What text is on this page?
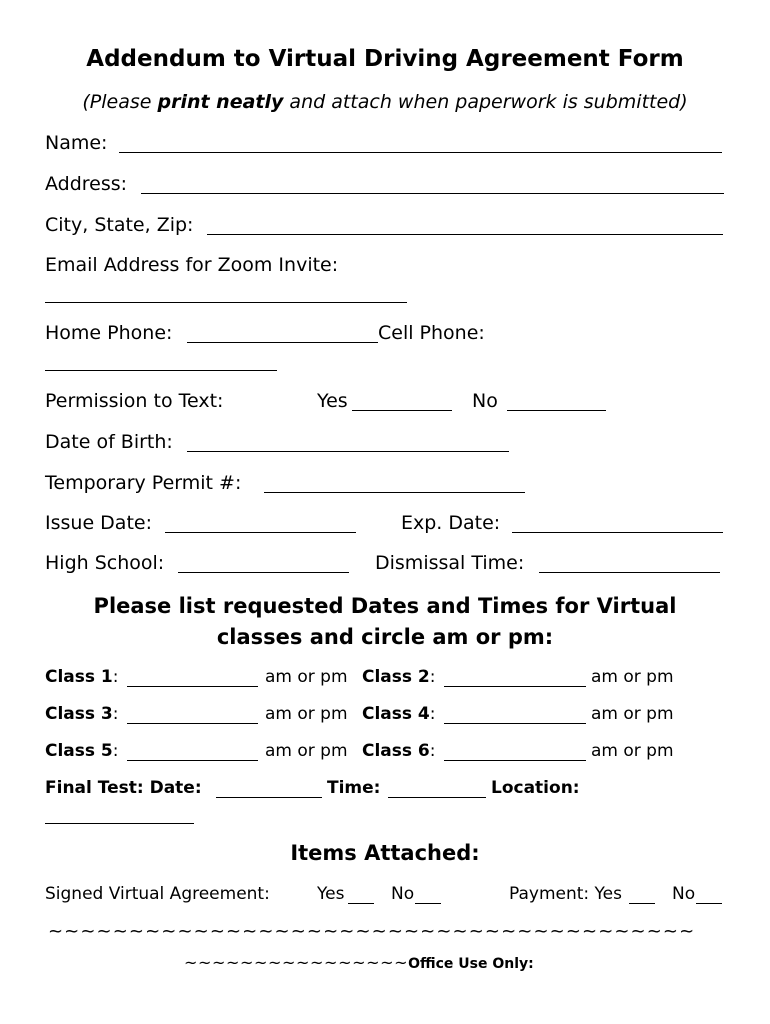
Addendum to Virtual Driving Agreement Form
(Please print neatly and attach when paperwork is submitted)
Name:
Address:
City, State, Zip:
Email Address for Zoom Invite:
Home Phone:	Cell Phone:
Permission to Text:	Yes	No
Date of Birth:
Temporary Permit #:
Issue Date:	Exp. Date:
High School:	Dismissal Time:
Please list requested Dates and Times for Virtual
classes and circle am or pm:
Class 1:	am or pm Class 2:	am or pm
Class 3:	am or pm Class 4:	am or pm
Class 5:	am or pm Class 6:	am or pm
Final Test: Date:	Time:	Location:
Items Attached:
Signed Virtual Agreement:	Yes	No	Payment: Yes	No
~~~~~~~~~~~~~~~~~~~~~~~~~~~~~~~~~~~~~~~~
~~~~~~~~~~~~~~~~Office Use Only:
